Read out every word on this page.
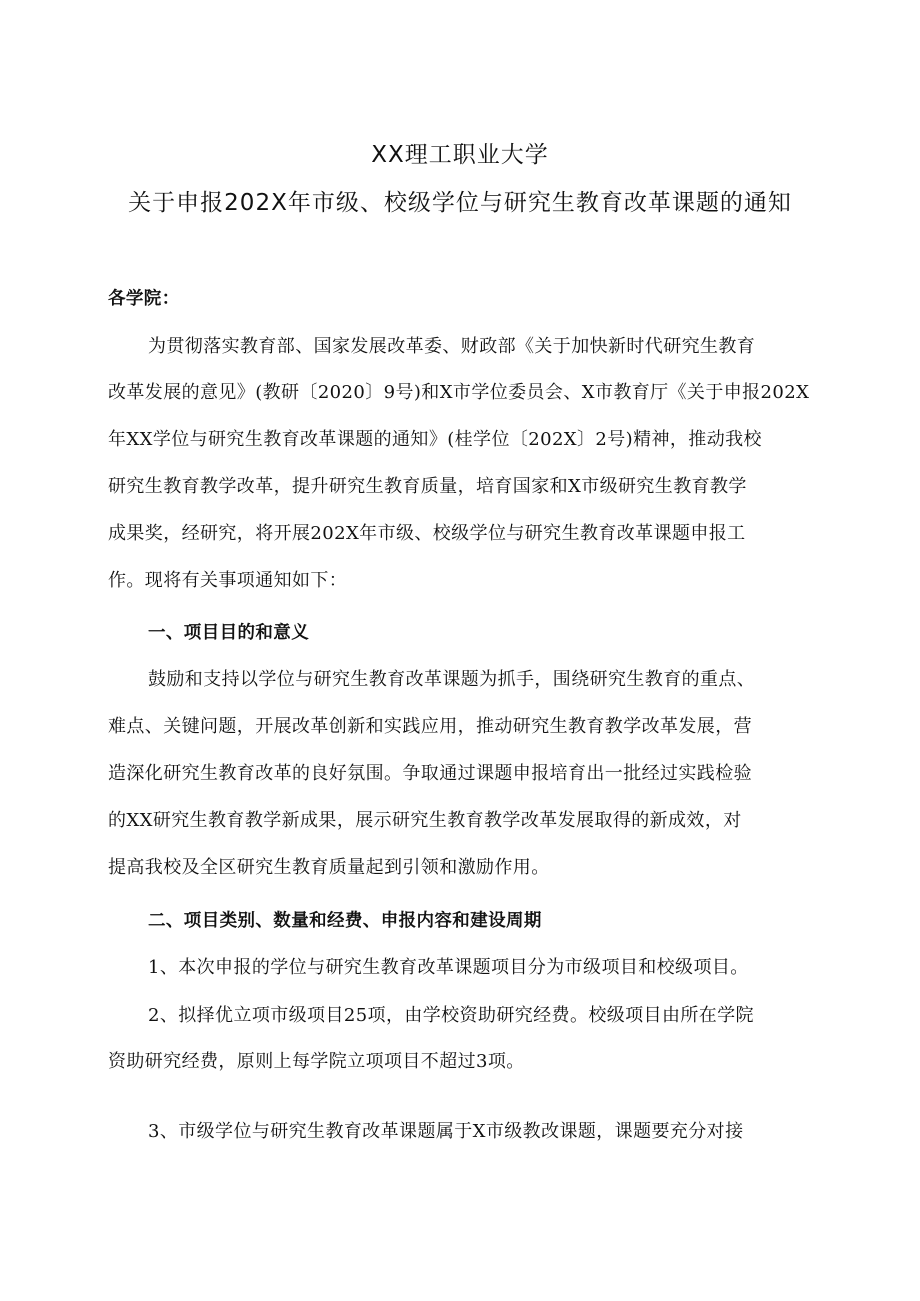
XX理工职业大学
关于申报202X年市级、校级学位与研究生教育改革课题的通知
各学院：
为贯彻落实教育部、国家发展改革委、财政部《关于加快新时代研究生教育
改革发展的意见》(教研〔2020〕9号)和X市学位委员会、X市教育厅《关于申报202X
年XX学位与研究生教育改革课题的通知》(桂学位〔202X〕2号)精神，推动我校
研究生教育教学改革，提升研究生教育质量，培育国家和X市级研究生教育教学
成果奖，经研究，将开展202X年市级、校级学位与研究生教育改革课题申报工
作。现将有关事项通知如下：
一、项目目的和意义
鼓励和支持以学位与研究生教育改革课题为抓手，围绕研究生教育的重点、
难点、关键问题，开展改革创新和实践应用，推动研究生教育教学改革发展，营
造深化研究生教育改革的良好氛围。争取通过课题申报培育出一批经过实践检验
的XX研究生教育教学新成果，展示研究生教育教学改革发展取得的新成效，对
提高我校及全区研究生教育质量起到引领和激励作用。
二、项目类别、数量和经费、申报内容和建设周期
1、本次申报的学位与研究生教育改革课题项目分为市级项目和校级项目。
2、拟择优立项市级项目25项，由学校资助研究经费。校级项目由所在学院
资助研究经费，原则上每学院立项项目不超过3项。
3、市级学位与研究生教育改革课题属于X市级教改课题，课题要充分对接
